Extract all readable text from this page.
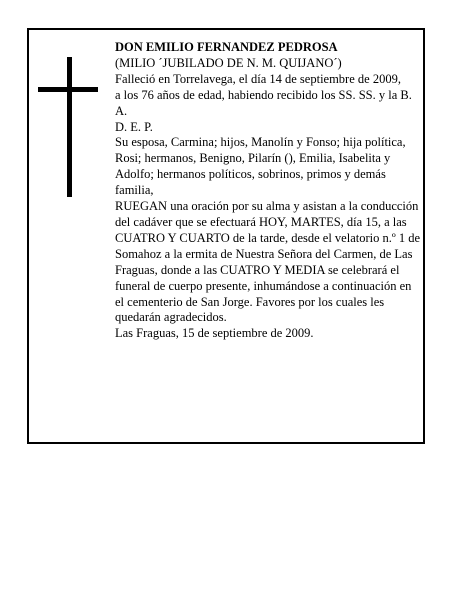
DON EMILIO FERNANDEZ PEDROSA
(MILIO ´JUBILADO DE N. M. QUIJANO´)
Falleció en Torrelavega, el día 14 de septiembre de 2009,
a los 76 años de edad, habiendo recibido los SS. SS. y la B. A.
D. E. P.
Su esposa, Carmina; hijos, Manolín y Fonso; hija política, Rosi; hermanos, Benigno, Pilarín (), Emilia, Isabelita y Adolfo; hermanos políticos, sobrinos, primos y demás familia,
RUEGAN una oración por su alma y asistan a la conducción del cadáver que se efectuará HOY, MARTES, día 15, a las CUATRO Y CUARTO de la tarde, desde el velatorio n.º 1 de Somahoz a la ermita de Nuestra Señora del Carmen, de Las Fraguas, donde a las CUATRO Y MEDIA se celebrará el funeral de cuerpo presente, inhumándose a continuación en el cementerio de San Jorge. Favores por los cuales les quedarán agradecidos.
Las Fraguas, 15 de septiembre de 2009.
